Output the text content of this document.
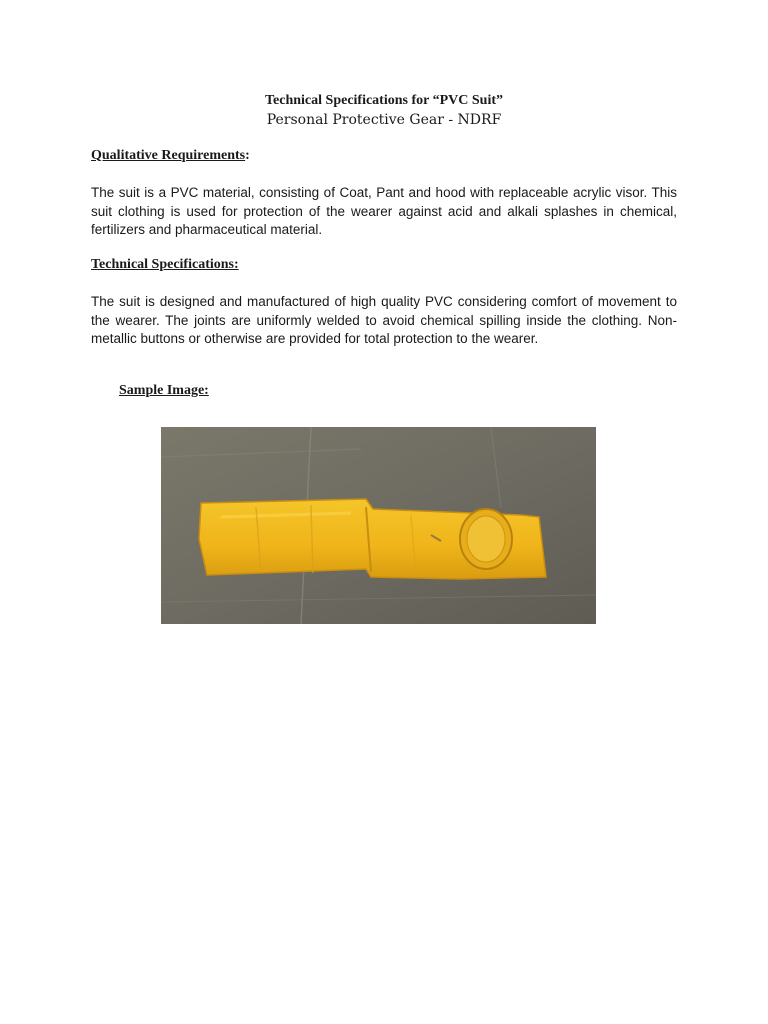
Technical Specifications for “PVC Suit”
Personal Protective Gear - NDRF
Qualitative Requirements:
The suit is a PVC material, consisting of Coat, Pant and hood with replaceable acrylic visor. This suit clothing is used for protection of the wearer against acid and alkali splashes in chemical, fertilizers and pharmaceutical material.
Technical Specifications:
The suit is designed and manufactured of high quality PVC considering comfort of movement to the wearer. The joints are uniformly welded to avoid chemical spilling inside the clothing. Non-metallic buttons or otherwise are provided for total protection to the wearer.
Sample Image:
